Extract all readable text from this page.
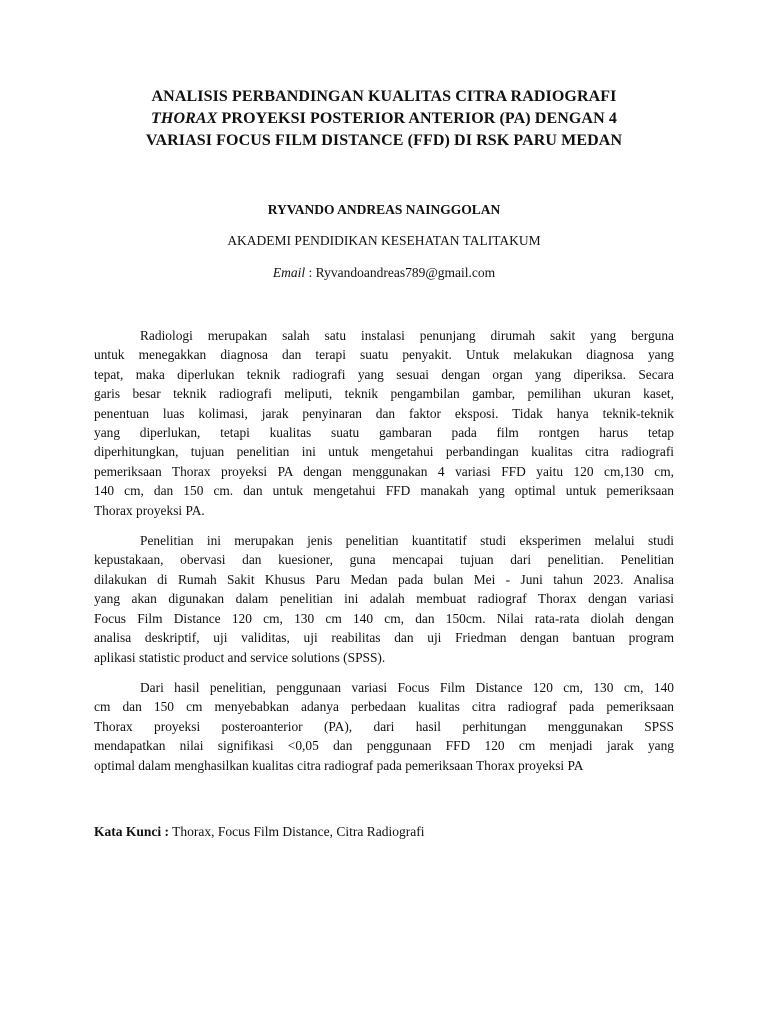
ANALISIS PERBANDINGAN KUALITAS CITRA RADIOGRAFI
THORAX PROYEKSI POSTERIOR ANTERIOR (PA) DENGAN 4
VARIASI FOCUS FILM DISTANCE (FFD) DI RSK PARU MEDAN
RYVANDO ANDREAS NAINGGOLAN
AKADEMI PENDIDIKAN KESEHATAN TALITAKUM
Email : Ryvandoandreas789@gmail.com
Radiologi merupakan salah satu instalasi penunjang dirumah sakit yang berguna
untuk menegakkan diagnosa dan terapi suatu penyakit. Untuk melakukan diagnosa yang
tepat, maka diperlukan teknik radiografi yang sesuai dengan organ yang diperiksa. Secara
garis besar teknik radiografi meliputi, teknik pengambilan gambar, pemilihan ukuran kaset,
penentuan luas kolimasi, jarak penyinaran dan faktor eksposi. Tidak hanya teknik-teknik
yang diperlukan, tetapi kualitas suatu gambaran pada film rontgen harus tetap
diperhitungkan, tujuan penelitian ini untuk mengetahui perbandingan kualitas citra radiografi
pemeriksaan Thorax proyeksi PA dengan menggunakan 4 variasi FFD yaitu 120 cm,130 cm,
140 cm, dan 150 cm. dan untuk mengetahui FFD manakah yang optimal untuk pemeriksaan
Thorax proyeksi PA.
Penelitian ini merupakan jenis penelitian kuantitatif studi eksperimen melalui studi
kepustakaan, obervasi dan kuesioner, guna mencapai tujuan dari penelitian. Penelitian
dilakukan di Rumah Sakit Khusus Paru Medan pada bulan Mei - Juni tahun 2023. Analisa
yang akan digunakan dalam penelitian ini adalah membuat radiograf Thorax dengan variasi
Focus Film Distance 120 cm, 130 cm 140 cm, dan 150cm. Nilai rata-rata diolah dengan
analisa deskriptif, uji validitas, uji reabilitas dan uji Friedman dengan bantuan program
aplikasi statistic product and service solutions (SPSS).
Dari hasil penelitian, penggunaan variasi Focus Film Distance 120 cm, 130 cm, 140
cm dan 150 cm menyebabkan adanya perbedaan kualitas citra radiograf pada pemeriksaan
Thorax proyeksi posteroanterior (PA), dari hasil perhitungan menggunakan SPSS
mendapatkan nilai signifikasi <0,05 dan penggunaan FFD 120 cm menjadi jarak yang
optimal dalam menghasilkan kualitas citra radiograf pada pemeriksaan Thorax proyeksi PA
Kata Kunci : Thorax, Focus Film Distance, Citra Radiografi
